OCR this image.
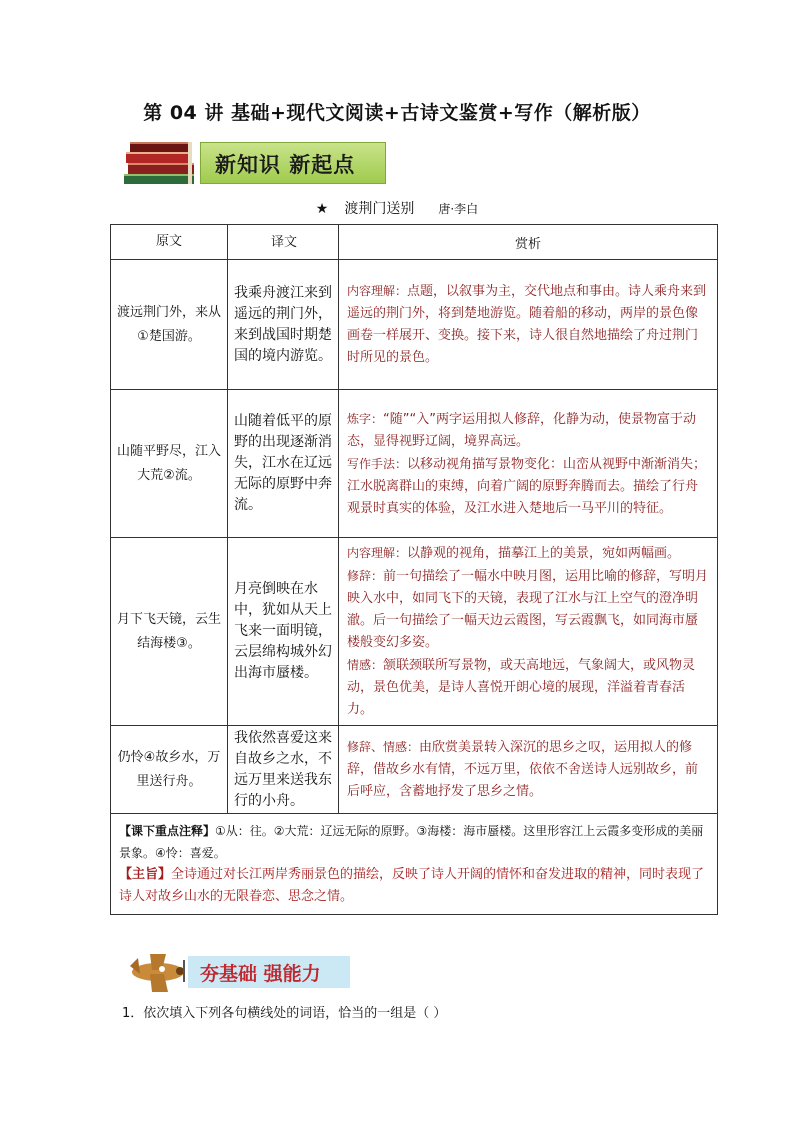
第 04 讲 基础+现代文阅读+古诗文鉴赏+写作（解析版）
新知识 新起点
★ 渡荆门送别 唐·李白
原文	译文	赏析
渡远荆门外，来从①楚国游。	我乘舟渡江来到遥远的荆门外，来到战国时期楚国的境内游览。	内容理解：点题，以叙事为主，交代地点和事由。诗人乘舟来到遥远的荆门外，将到楚地游览。随着船的移动，两岸的景色像画卷一样展开、变换。接下来，诗人很自然地描绘了舟过荆门时所见的景色。
山随平野尽，江入大荒②流。	山随着低平的原野的出现逐渐消失，江水在辽远无际的原野中奔流。	炼字：“随”“入”两字运用拟人修辞，化静为动，使景物富于动态，显得视野辽阔，境界高远。
写作手法：以移动视角描写景物变化：山峦从视野中渐渐消失；江水脱离群山的束缚，向着广阔的原野奔腾而去。描绘了行舟观景时真实的体验，及江水进入楚地后一马平川的特征。

月下飞天镜，云生结海楼③。	月亮倒映在水中，犹如从天上飞来一面明镜，云层绵构城外幻出海市蜃楼。	内容理解：以静观的视角，描摹江上的美景，宛如两幅画。
修辞：前一句描绘了一幅水中映月图，运用比喻的修辞，写明月映入水中，如同飞下的天镜，表现了江水与江上空气的澄净明澈。后一句描绘了一幅天边云霞图，写云霞飘飞，如同海市蜃楼般变幻多姿。
情感：颔联颈联所写景物，或天高地远，气象阔大，或风物灵动，景色优美，是诗人喜悦开朗心境的展现，洋溢着青春活力。

仍怜④故乡水，万里送行舟。	我依然喜爱这来自故乡之水，不远万里来送我东行的小舟。	修辞、情感：由欣赏美景转入深沉的思乡之叹，运用拟人的修辞，借故乡水有情，不远万里，依依不舍送诗人远别故乡，前后呼应，含蓄地抒发了思乡之情。

【课下重点注释】①从：往。②大荒：辽远无际的原野。③海楼：海市蜃楼。这里形容江上云霞多变形成的美丽景象。④怜：喜爱。
【主旨】全诗通过对长江两岸秀丽景色的描绘，反映了诗人开阔的情怀和奋发进取的精神，同时表现了诗人对故乡山水的无限眷恋、思念之情。		
夯基础 强能力
1．依次填入下列各句横线处的词语，恰当的一组是（ ）
